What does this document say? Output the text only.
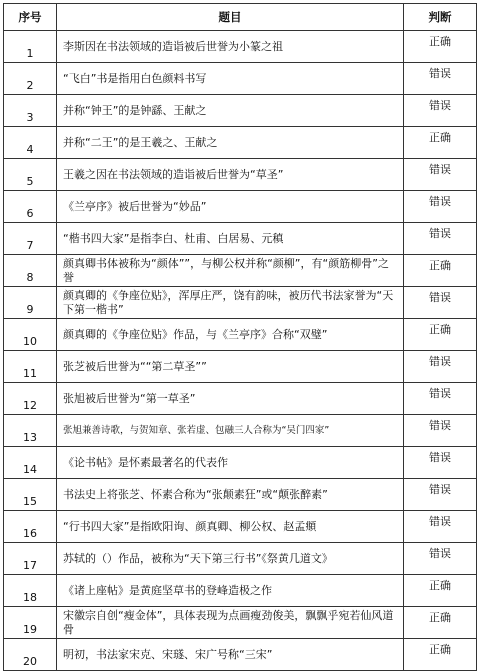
序号	题目	判断
1	李斯因在书法领域的造诣被后世誉为小篆之祖	正确
2	“飞白”书是指用白色颜料书写	错误
3	并称“钟王”的是钟繇、王献之	错误
4	并称“二王”的是王羲之、王献之	正确
5	王羲之因在书法领域的造诣被后世誉为“草圣”	错误
6	《兰亭序》被后世誉为“妙品”	错误
7	“楷书四大家”是指李白、杜甫、白居易、元稹	错误
8	颜真卿书体被称为“颜体””，与柳公权并称“颜柳”，有“颜筋柳骨”之誉	正确
9	颜真卿的《争座位贴》，浑厚庄严，饶有韵味，被历代书法家誉为“天下第一楷书”	错误
10	颜真卿的《争座位贴》作品，与《兰亭序》合称“双璧”	正确
11	张芝被后世誉为““第二草圣””	错误
12	张旭被后世誉为“第一草圣”	错误
13	张旭兼善诗歌，与贺知章、张若虚、包融三人合称为“吴门四家”	错误
14	《论书帖》是怀素最著名的代表作	错误
15	书法史上将张芝、怀素合称为“张颠素狂”或“颠张醉素”	错误
16	“行书四大家”是指欧阳询、颜真卿、柳公权、赵孟頫	错误
17	苏轼的（）作品，被称为“天下第三行书”《祭黄几道文》	错误
18	《诸上座帖》是黄庭坚草书的登峰造极之作	正确
19	宋徽宗自创“瘦金体”，具体表现为点画瘦劲俊美，飘飘乎宛若仙风道骨	正确
20	明初，书法家宋克、宋璲、宋广号称“三宋”	正确
